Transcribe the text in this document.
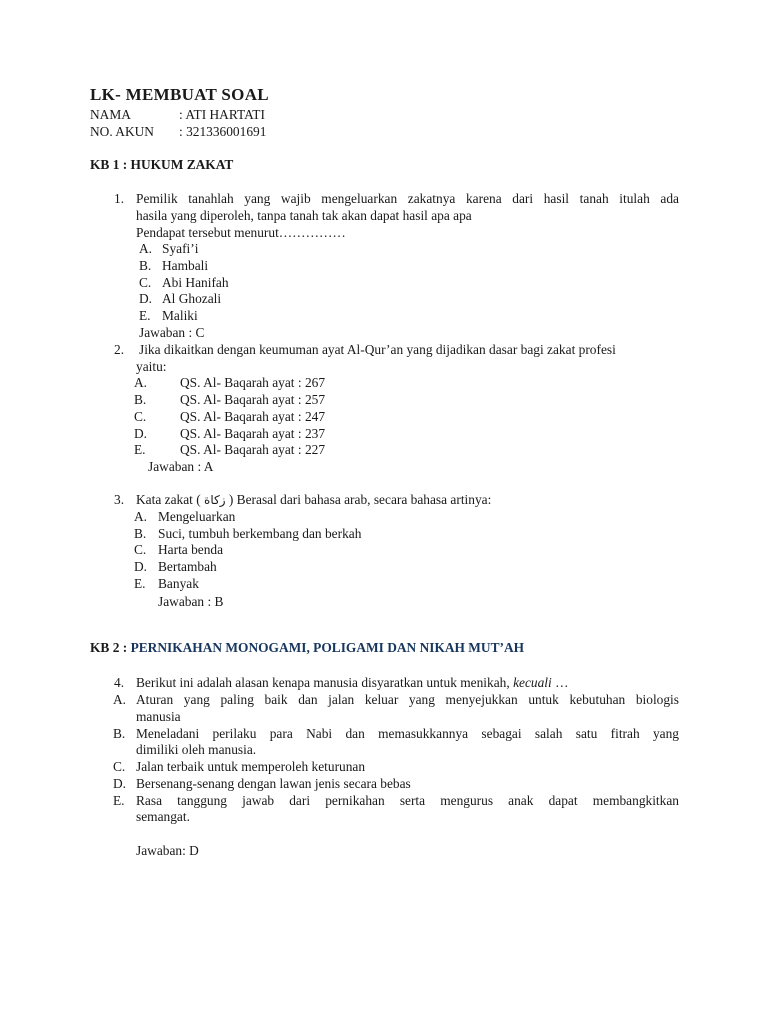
LK- MEMBUAT SOAL
NAMA	: ATI HARTATI
NO. AKUN : 321336001691
KB 1 : HUKUM ZAKAT
1. Pemilik tanahlah yang wajib mengeluarkan zakatnya karena dari hasil tanah itulah ada
hasila yang diperoleh, tanpa tanah tak akan dapat hasil apa apa
Pendapat tersebut menurut……………
A. Syafi’i
B. Hambali
C. Abi Hanifah
D. Al Ghozali
E. Maliki
Jawaban : C
2. Jika dikaitkan dengan keumuman ayat Al-Qur’an yang dijadikan dasar bagi zakat profesi
yaitu:
A. QS. Al- Baqarah ayat : 267
B.	QS. Al- Baqarah ayat : 257
C.	QS. Al- Baqarah ayat : 247
D. QS. Al- Baqarah ayat : 237
E.	QS. Al- Baqarah ayat : 227
Jawaban : A
3. Kata zakat ( زكاة ) Berasal dari bahasa arab, secara bahasa artinya:
A. Mengeluarkan
B. Suci, tumbuh berkembang dan berkah
C. Harta benda
D. Bertambah
E. Banyak
Jawaban : B
KB 2 : PERNIKAHAN MONOGAMI, POLIGAMI DAN NIKAH MUT’AH
4. Berikut ini adalah alasan kenapa manusia disyaratkan untuk menikah, kecuali …
A. Aturan yang paling baik dan jalan keluar yang menyejukkan untuk kebutuhan biologis
manusia
B. Meneladani perilaku para Nabi dan memasukkannya sebagai salah satu fitrah yang
dimiliki oleh manusia.
C. Jalan terbaik untuk memperoleh keturunan
D. Bersenang-senang dengan lawan jenis secara bebas
E. Rasa tanggung jawab dari pernikahan serta mengurus anak dapat membangkitkan
semangat.
Jawaban: D
